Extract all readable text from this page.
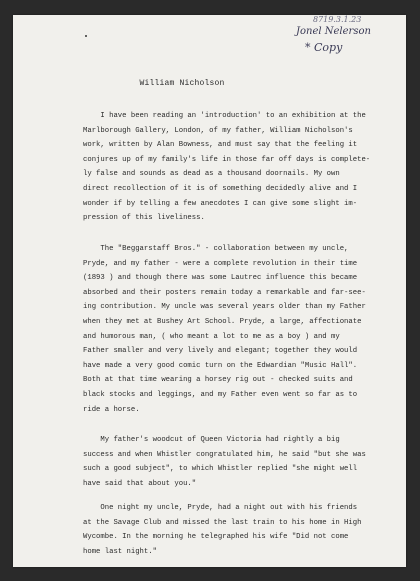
8719.3.1.23
Jonel Nelerson
* Copy
William Nicholson
I have been reading an 'introduction' to an exhibition at the
Marlborough Gallery, London, of my father, William Nicholson's
work, written by Alan Bowness, and must say that the feeling it
conjures up of my family's life in those far off days is complete-
ly false and sounds as dead as a thousand doornails. My own
direct recollection of it is of something decidedly alive and I
wonder if by telling a few anecdotes I can give some slight im-
pression of this liveliness.
The "Beggarstaff Bros." - collaboration between my uncle,
Pryde, and my father - were a complete revolution in their time
(1893 ) and though there was some Lautrec influence this became
absorbed and their posters remain today a remarkable and far-see-
ing contribution. My uncle was several years older than my Father
when they met at Bushey Art School. Pryde, a large, affectionate
and humorous man, ( who meant a lot to me as a boy ) and my
Father smaller and very lively and elegant; together they would
have made a very good comic turn on the Edwardian "Music Hall".
Both at that time wearing a horsey rig out - checked suits and
black stocks and leggings, and my Father even went so far as to
ride a horse.
My father's woodcut of Queen Victoria had rightly a big
success and when Whistler congratulated him, he said "but she was
such a good subject", to which Whistler replied "she might well
have said that about you."
One night my uncle, Pryde, had a night out with his friends
at the Savage Club and missed the last train to his home in High
Wycombe. In the morning he telegraphed his wife "Did not come
home last night."
